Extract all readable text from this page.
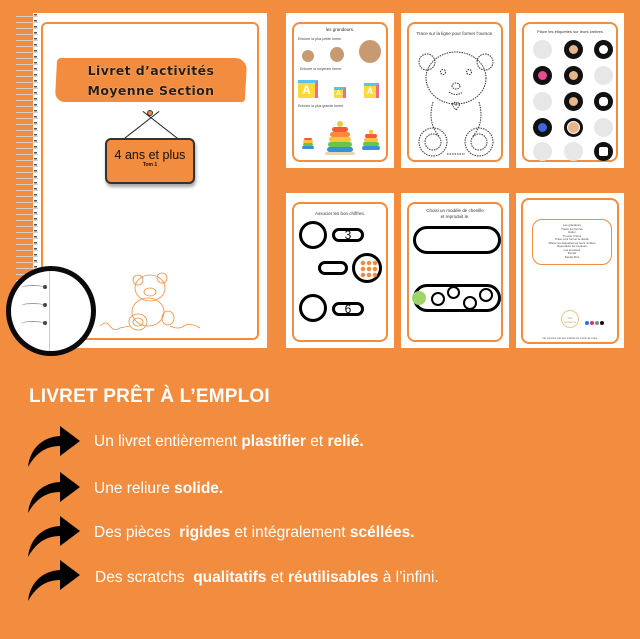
Livret d’activités
Moyenne Section
4 ans et plus
Tom 1
les grandeurs.
Entoure la plus petite forme.
Entoure la moyenne forme.
A	A	A
Entoure la plus grande forme.
Trace sur la ligne pour former l’ourson.	Place tes étiquettes sur leurs ombres
Associer les bon chiffres.
3
6
Choisi un modèle de chenille
et reproduit le.
Les grandeurs
Tracer les formes
Relier
Trouver l'intrus
Trace pour former le dessin
Placer les étiquettes sur leurs ombres
Reproduire les couleurs
Les émotions
Puzzle
Dessin libre
Kils créations
Ne convient pas aux enfants de moins de 3 ans
LIVRET PRÊT À L’EMPLOI
Un livret entièrement plastifier et relié.
Une reliure solide.
Des pièces  rigides et intégralement scéllées.
Des scratchs  qualitatifs et réutilisables à l’infini.
